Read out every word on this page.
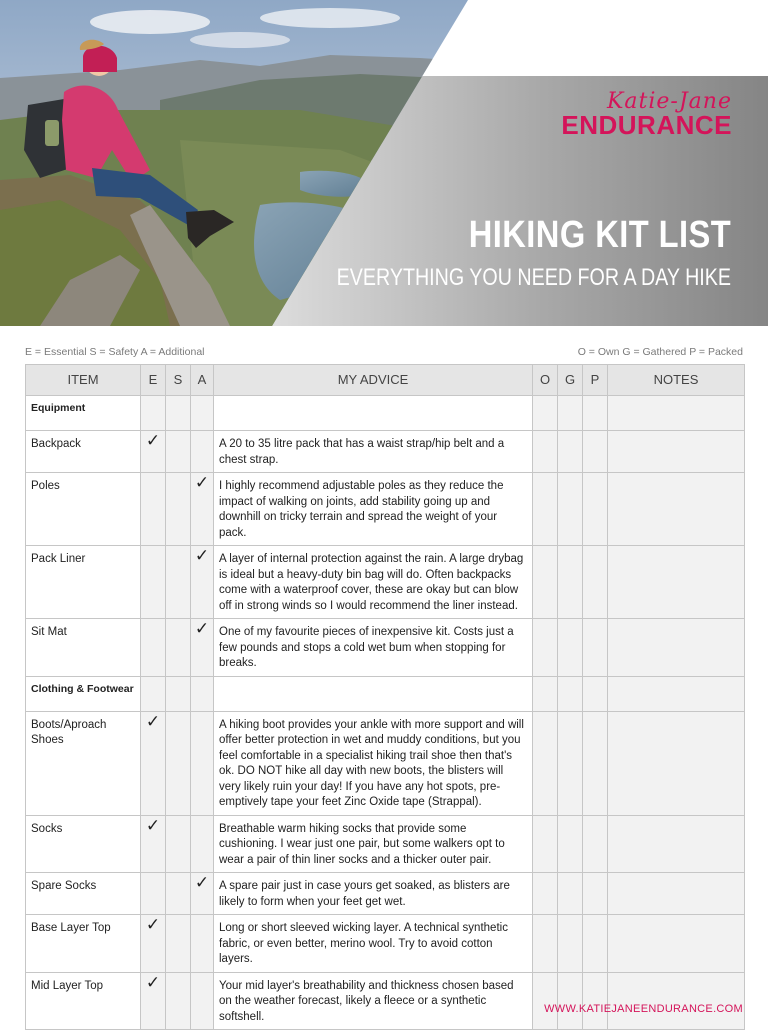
Katie-Jane
ENDURANCE
HIKING KIT LIST
EVERYTHING YOU NEED FOR A DAY HIKE
E = Essential S = Safety A = Additional	O = Own G = Gathered P = Packed
ITEM	E	S	A	MY ADVICE	O	G	P	NOTES
Equipment								
Backpack	✓			A 20 to 35 litre pack that has a waist strap/hip belt and a chest strap.				
Poles			✓	I highly recommend adjustable poles as they reduce the impact of walking on joints, add stability going up and downhill on tricky terrain and spread the weight of your pack.				
Pack Liner			✓	A layer of internal protection against the rain. A large drybag is ideal but a heavy-duty bin bag will do. Often backpacks come with a waterproof cover, these are okay but can blow off in strong winds so I would recommend the liner instead.				
Sit Mat			✓	One of my favourite pieces of inexpensive kit. Costs just a few pounds and stops a cold wet bum when stopping for breaks.				
Clothing & Footwear								
Boots/Aproach Shoes	✓			A hiking boot provides your ankle with more support and will offer better protection in wet and muddy conditions, but you feel comfortable in a specialist hiking trail shoe then that's ok. DO NOT hike all day with new boots, the blisters will very likely ruin your day! If you have any hot spots, pre-emptively tape your feet Zinc Oxide tape (Strappal).				
Socks	✓			Breathable warm hiking socks that provide some cushioning. I wear just one pair, but some walkers opt to wear a pair of thin liner socks and a thicker outer pair.				
Spare Socks			✓	A spare pair just in case yours get soaked, as blisters are likely to form when your feet get wet.				
Base Layer Top	✓			Long or short sleeved wicking layer. A technical synthetic fabric, or even better, merino wool. Try to avoid cotton layers.				
Mid Layer Top	✓			Your mid layer's breathability and thickness chosen based on the weather forecast, likely a fleece or a synthetic softshell.				
WWW.KATIEJANEENDURANCE.COM
